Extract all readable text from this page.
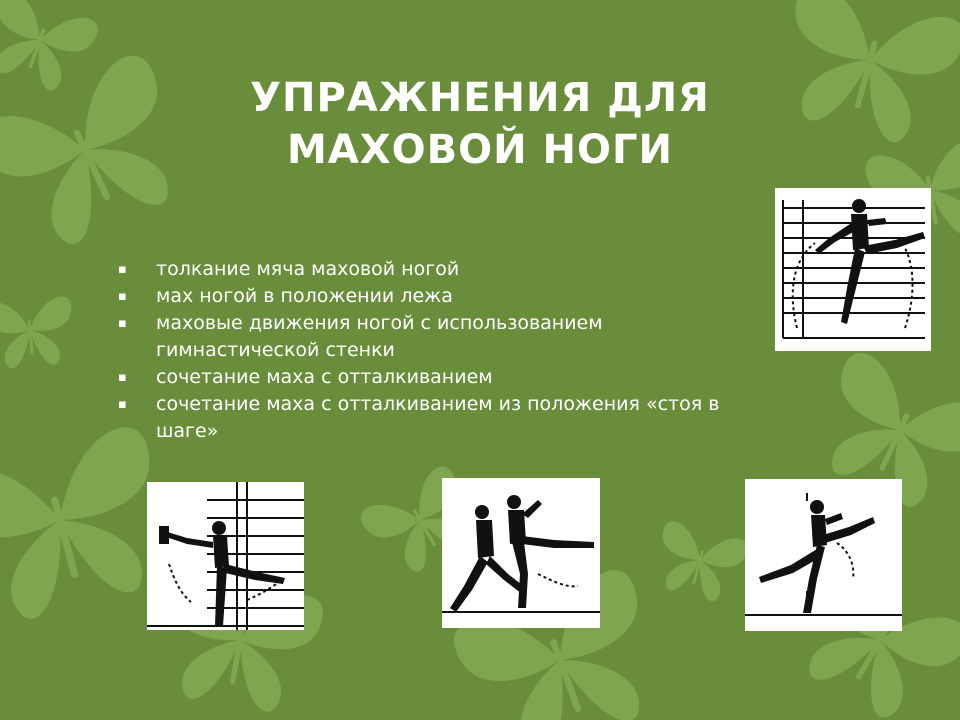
УПРАЖНЕНИЯ ДЛЯ
МАХОВОЙ НОГИ
▪ толкание мяча маховой ногой
▪ мах ногой в положении лежа
▪ маховые движения ногой с использованием
гимнастической стенки
▪ сочетание маха с отталкиванием
▪ сочетание маха с отталкиванием из положения «стоя в
шаге»
